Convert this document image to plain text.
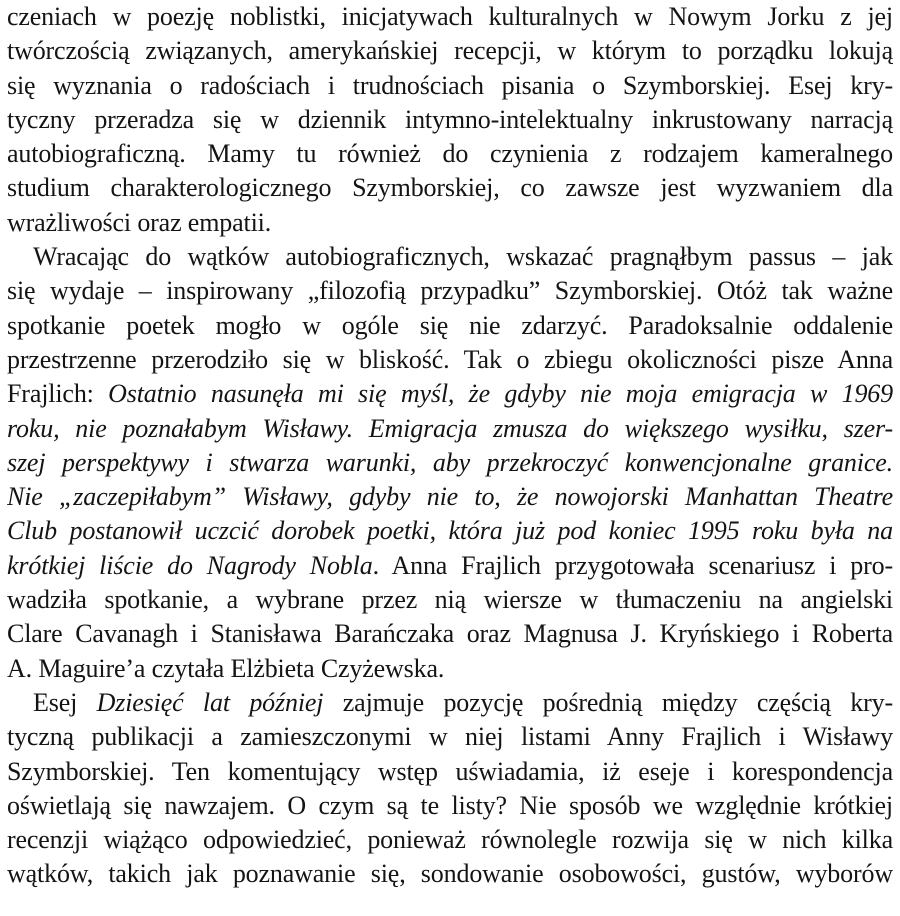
czeniach w poezję noblistki, inicjatywach kulturalnych w Nowym Jorku z jej
twórczością związanych, amerykańskiej recepcji, w którym to porządku lokują
się wyznania o radościach i trudnościach pisania o Szymborskiej. Esej kry-
tyczny przeradza się w dziennik intymno-intelektualny inkrustowany narracją
autobiograficzną. Mamy tu również do czynienia z rodzajem kameralnego
studium charakterologicznego Szymborskiej, co zawsze jest wyzwaniem dla
wrażliwości oraz empatii.
Wracając do wątków autobiograficznych, wskazać pragnąłbym passus – jak
się wydaje – inspirowany „filozofią przypadku” Szymborskiej. Otóż tak ważne
spotkanie poetek mogło w ogóle się nie zdarzyć. Paradoksalnie oddalenie
przestrzenne przerodziło się w bliskość. Tak o zbiegu okoliczności pisze Anna
Frajlich: Ostatnio nasunęła mi się myśl, że gdyby nie moja emigracja w 1969
roku, nie poznałabym Wisławy. Emigracja zmusza do większego wysiłku, szer-
szej perspektywy i stwarza warunki, aby przekroczyć konwencjonalne granice.
Nie „zaczepiłabym” Wisławy, gdyby nie to, że nowojorski Manhattan Theatre
Club postanowił uczcić dorobek poetki, która już pod koniec 1995 roku była na
krótkiej liście do Nagrody Nobla. Anna Frajlich przygotowała scenariusz i pro-
wadziła spotkanie, a wybrane przez nią wiersze w tłumaczeniu na angielski
Clare Cavanagh i Stanisława Barańczaka oraz Magnusa J. Kryńskiego i Roberta
A. Maguire’a czytała Elżbieta Czyżewska.
Esej Dziesięć lat później zajmuje pozycję pośrednią między częścią kry-
tyczną publikacji a zamieszczonymi w niej listami Anny Frajlich i Wisławy
Szymborskiej. Ten komentujący wstęp uświadamia, iż eseje i korespondencja
oświetlają się nawzajem. O czym są te listy? Nie sposób we względnie krótkiej
recenzji wiążąco odpowiedzieć, ponieważ równolegle rozwija się w nich kilka
wątków, takich jak poznawanie się, sondowanie osobowości, gustów, wyborów
